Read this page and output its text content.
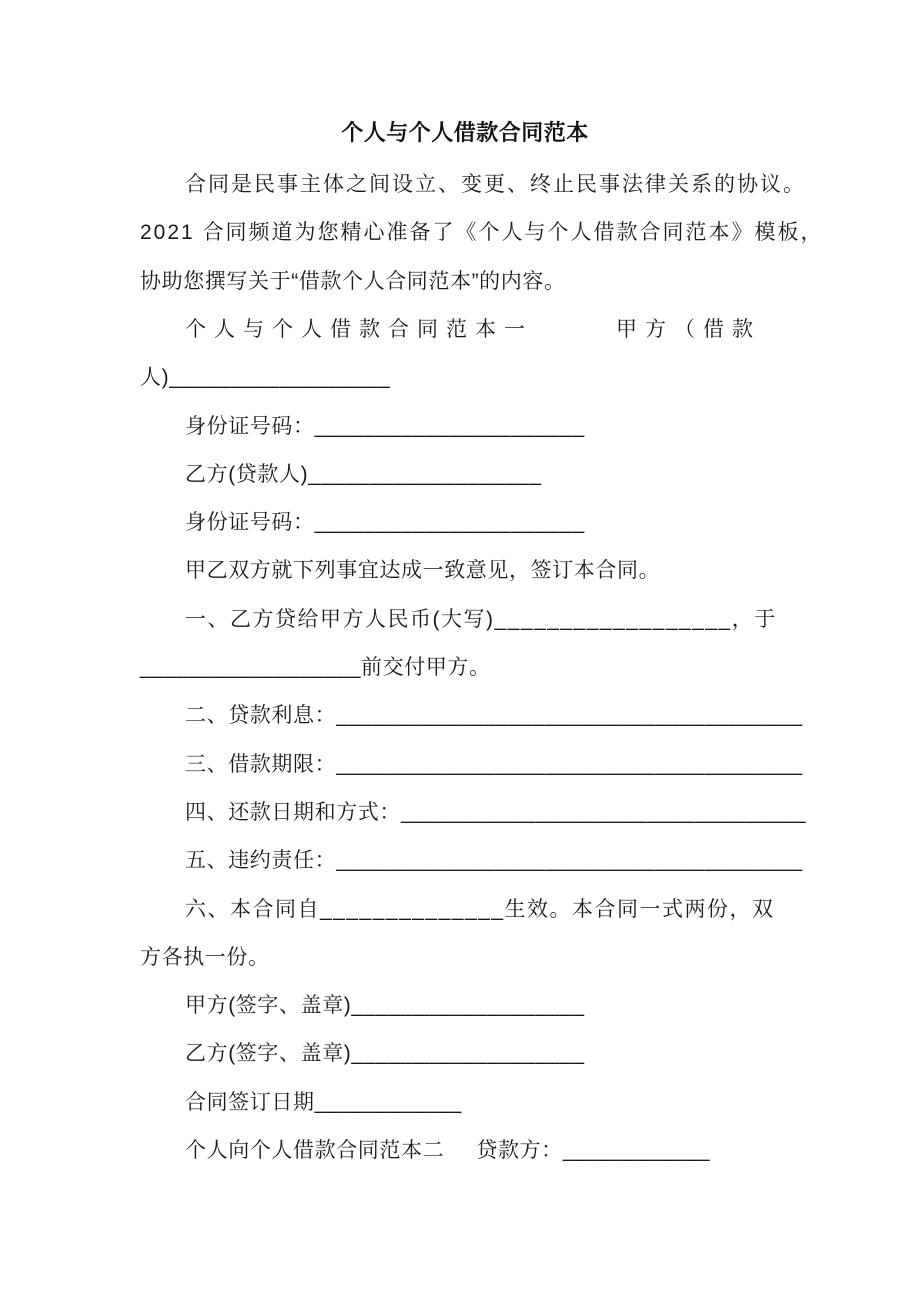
个人与个人借款合同范本
合同是民事主体之间设立、变更、终止民事法律关系的协议。
2021 合同频道为您精心准备了《个人与个人借款合同范本》模板，
协助您撰写关于“借款个人合同范本”的内容。
个人与个人借款合同范本一      甲方（借款
人)__________________
身份证号码：______________________
乙方(贷款人)___________________
身份证号码：______________________
甲乙双方就下列事宜达成一致意见，签订本合同。
一、乙方贷给甲方人民币(大写)__________________，于
__________________前交付甲方。
二、贷款利息：______________________________________
三、借款期限：______________________________________
四、还款日期和方式：_________________________________
五、违约责任：______________________________________
六、本合同自______________生效。本合同一式两份，双
方各执一份。
甲方(签字、盖章)___________________
乙方(签字、盖章)___________________
合同签订日期____________
个人向个人借款合同范本二     贷款方：____________
